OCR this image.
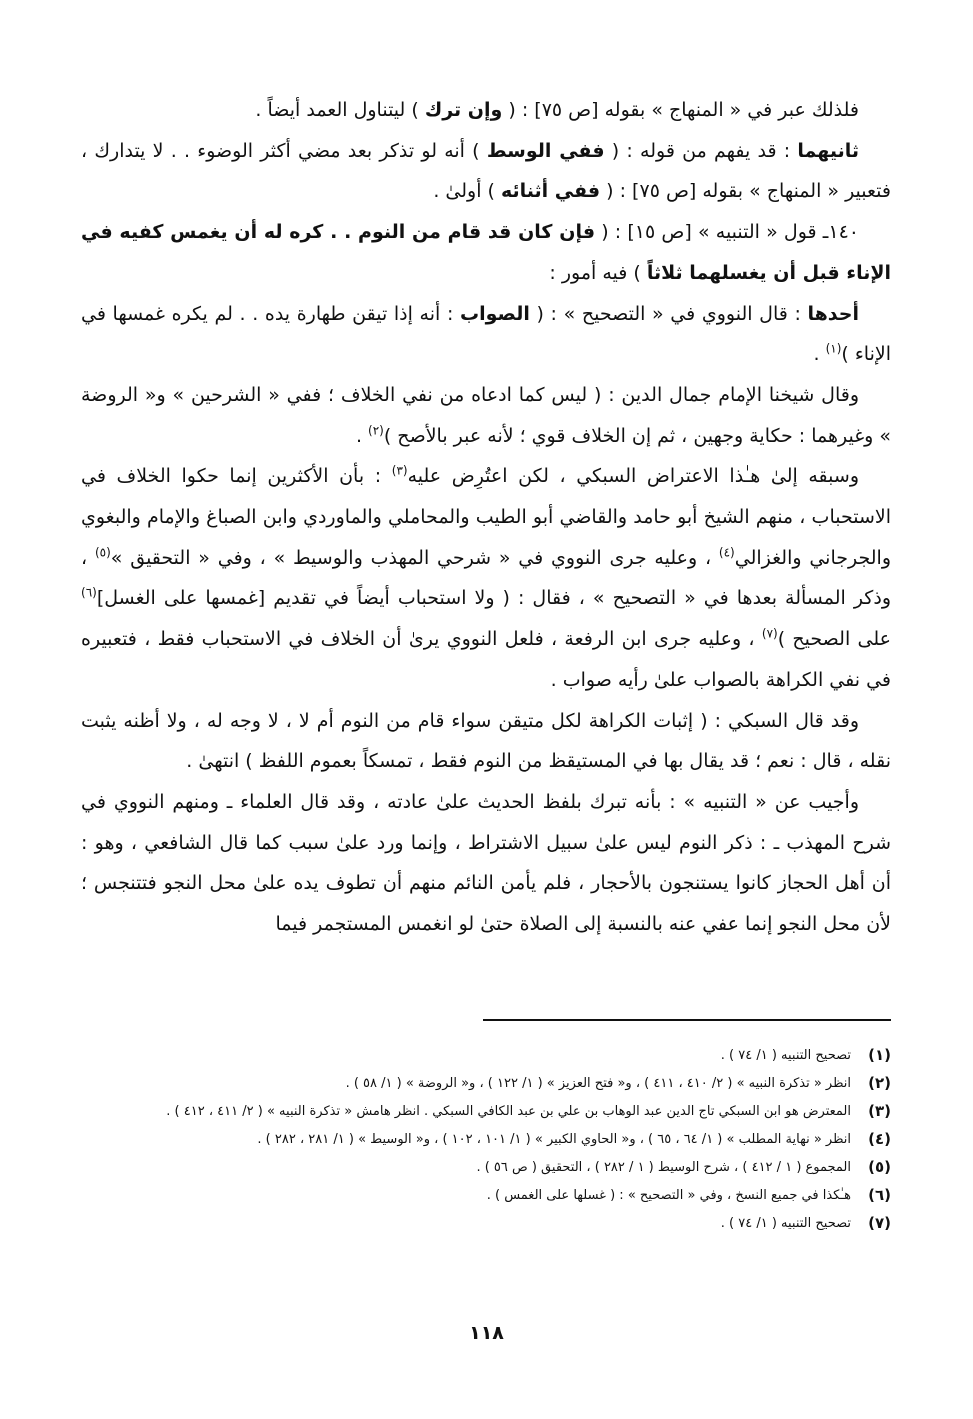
فلذلك عبر في « المنهاج » بقوله [ص ٧٥] : ( وإن ترك ) ليتناول العمد أيضاً .

ثانيهما : قد يفهم من قوله : ( ففي الوسط ) أنه لو تذكر بعد مضي أكثر الوضوء . . لا يتدارك ، فتعبير « المنهاج » بقوله [ص ٧٥] : ( ففي أثنائه ) أولىٰ .

١٤٠ـ قول « التنبيه » [ص ١٥] : ( فإن كان قد قام من النوم . . كره له أن يغمس كفيه في الإناء قبل أن يغسلهما ثلاثاً ) فيه أمور :

أحدها : قال النووي في « التصحيح » : ( الصواب : أنه إذا تيقن طهارة يده . . لم يكره غمسها في الإناء )$^{(١)}$ .

وقال شيخنا الإمام جمال الدين : ( ليس كما ادعاه من نفي الخلاف ؛ ففي « الشرحين » و« الروضة » وغيرهما : حكاية وجهين ، ثم إن الخلاف قوي ؛ لأنه عبر بالأصح )$^{(٢)}$ .

وسبقه إلىٰ هـٰذا الاعتراض السبكي ، لكن اعتُرِض عليه$^{(٣)}$ : بأن الأكثرين إنما حكوا الخلاف في الاستحباب ، منهم الشيخ أبو حامد والقاضي أبو الطيب والمحاملي والماوردي وابن الصباغ والإمام والبغوي والجرجاني والغزالي$^{(٤)}$ ، وعليه جرى النووي في « شرحي المهذب والوسيط » ، وفي « التحقيق »$^{(٥)}$ ، وذكر المسألة بعدها في « التصحيح » ، فقال : ( ولا استحباب أيضاً في تقديم [غمسها على الغسل]$^{(٦)}$ على الصحيح )$^{(٧)}$ ، وعليه جرى ابن الرفعة ، فلعل النووي يرىٰ أن الخلاف في الاستحباب فقط ، فتعبيره في نفي الكراهة بالصواب علىٰ رأيه صواب .

وقد قال السبكي : ( إثبات الكراهة لكل متيقن سواء قام من النوم أم لا ، لا وجه له ، ولا أظنه يثبت نقله ، قال : نعم ؛ قد يقال بها في المستيقظ من النوم فقط ، تمسكاً بعموم اللفظ ) انتهىٰ .

وأجيب عن « التنبيه » : بأنه تبرك بلفظ الحديث علىٰ عادته ، وقد قال العلماء ـ ومنهم النووي في شرح المهذب ـ : ذكر النوم ليس علىٰ سبيل الاشتراط ، وإنما ورد علىٰ سبب كما قال الشافعي ، وهو : أن أهل الحجاز كانوا يستنجون بالأحجار ، فلم يأمن النائم منهم أن تطوف يده علىٰ محل النجو فتتنجس ؛ لأن محل النجو إنما عفي عنه بالنسبة إلى الصلاة حتىٰ لو انغمس المستجمر فيما

(١)
تصحيح التنبيه ( ١/ ٧٤ ) .
(٢)
انظر « تذكرة النبيه » ( ٢/ ٤١٠ ، ٤١١ ) ، و« فتح العزيز » ( ١/ ١٢٢ ) ، و« الروضة » ( ١/ ٥٨ ) .
(٣)
المعترض هو ابن السبكي تاج الدين عبد الوهاب بن علي بن عبد الكافي السبكي . انظر هامش « تذكرة النبيه » ( ٢/ ٤١١ ، ٤١٢ ) .
(٤)
انظر « نهاية المطلب » ( ١/ ٦٤ ، ٦٥ ) ، و« الحاوي الكبير » ( ١/ ١٠١ ، ١٠٢ ) ، و« الوسيط » ( ١/ ٢٨١ ، ٢٨٢ ) .
(٥)
المجموع ( ١ / ٤١٢ ) ، شرح الوسيط ( ١ / ٢٨٢ ) ، التحقيق ( ص ٥٦ ) .
(٦)
هـٰكذا في جميع النسخ ، وفي « التصحيح » : ( غسلها على الغمس ) .
(٧)
تصحيح التنبيه ( ١/ ٧٤ ) .
١١٨
